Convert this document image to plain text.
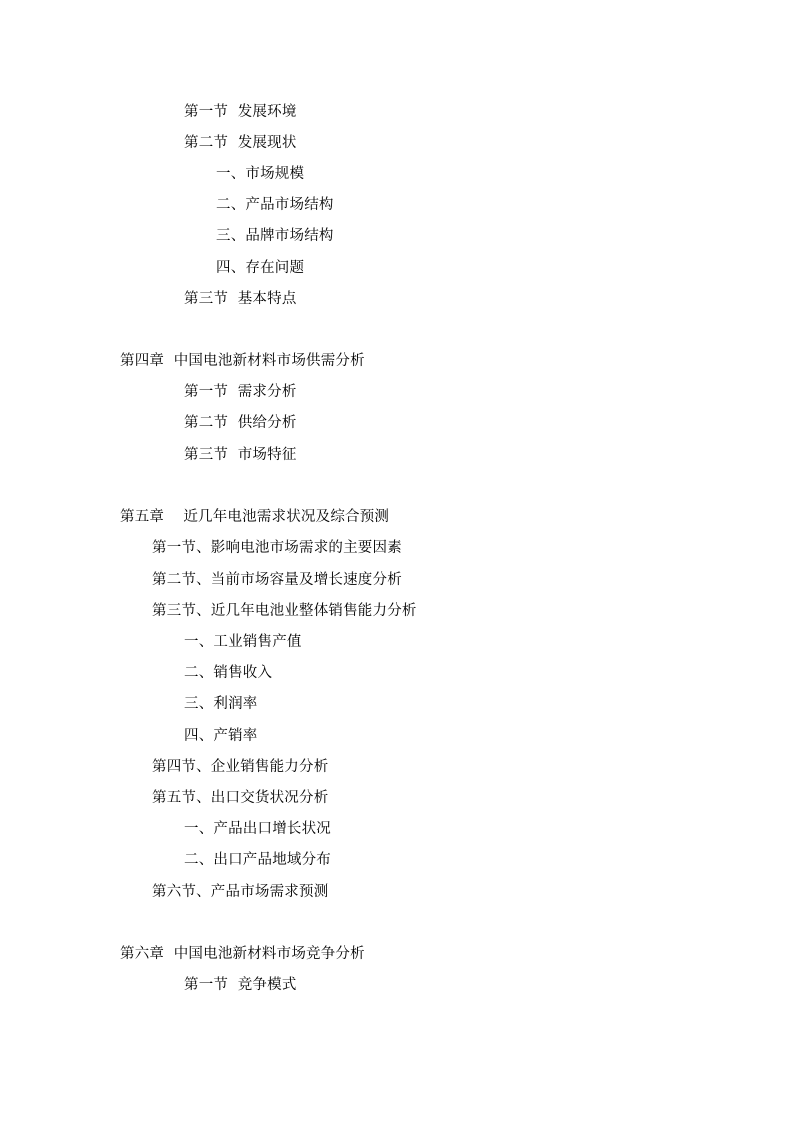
第一节  发展环境
第二节  发展现状
一、市场规模
二、产品市场结构
三、品牌市场结构
四、存在问题
第三节  基本特点
第四章  中国电池新材料市场供需分析
第一节  需求分析
第二节  供给分析
第三节  市场特征
第五章    近几年电池需求状况及综合预测
第一节、影响电池市场需求的主要因素
第二节、当前市场容量及增长速度分析
第三节、近几年电池业整体销售能力分析
一、工业销售产值
二、销售收入
三、利润率
四、产销率
第四节、企业销售能力分析
第五节、出口交货状况分析
一、产品出口增长状况
二、出口产品地域分布
第六节、产品市场需求预测
第六章  中国电池新材料市场竞争分析
第一节  竞争模式
